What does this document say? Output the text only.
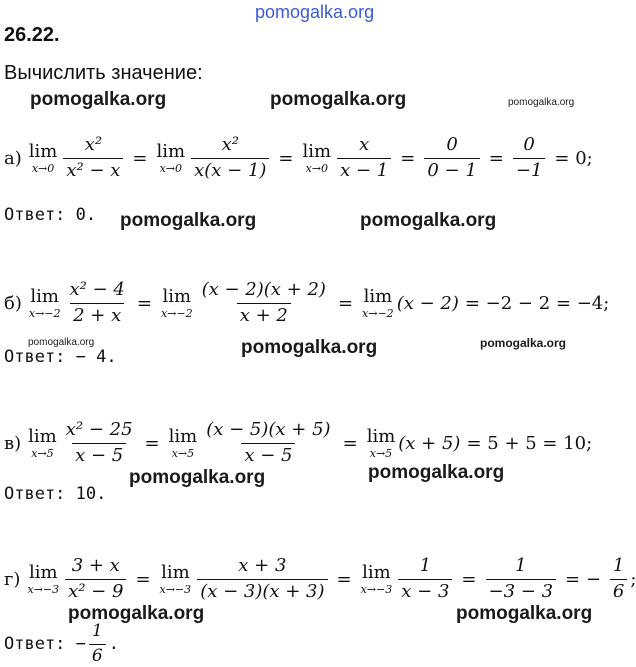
pomogalka.org
26.22.
Вычислить значение:
pomogalka.org	pomogalka.org	pomogalka.org
а) lim
$x\to 0 \frac{\text{x²}}{\text{x² − x}} = \lim$
$x\to 0 \frac{\text{x²}}{x(x - 1)} = \lim$
$x\to 0 \frac{x}{x - 1} = \frac{0}{0 - 1} = \frac{0}{-1} = 0$;
Ответ: 0. pomogalka.org	pomogalka.org
б) lim
$x\to-2 \frac{\text{x² − 4}}{2 + x} = \lim$
$x\to-2 \frac{(x - 2)(x + 2)}{x + 2} = \lim$
x→−2 (x − 2) = −2 − 2 = −4;
pomogalka.org
Ответ: − 4.	pomogalka.org	pomogalka.org
в) lim
$x\to 5 \frac{\text{x² − 25}}{x - 5} = \lim$
$x\to 5 \frac{(x - 5)(x + 5)}{x - 5} = \lim$
x→5 (x + 5) = 5 + 5 = 10;
pomogalka.org	pomogalka.org
Ответ: 10.
г) lim
$x\to-3 \frac{3 + x}{\text{x² − 9}} = \lim$
$x\to-3 \frac{x + 3}{(x - 3)(x + 3)} = \lim$
$x\to-3 \frac{1}{x - 3} = \frac{1}{-3 - 3}$ = − $\frac{1}{6}$ ;
pomogalka.org	pomogalka.org
Ответ: − $\frac{1}{6}$ .
